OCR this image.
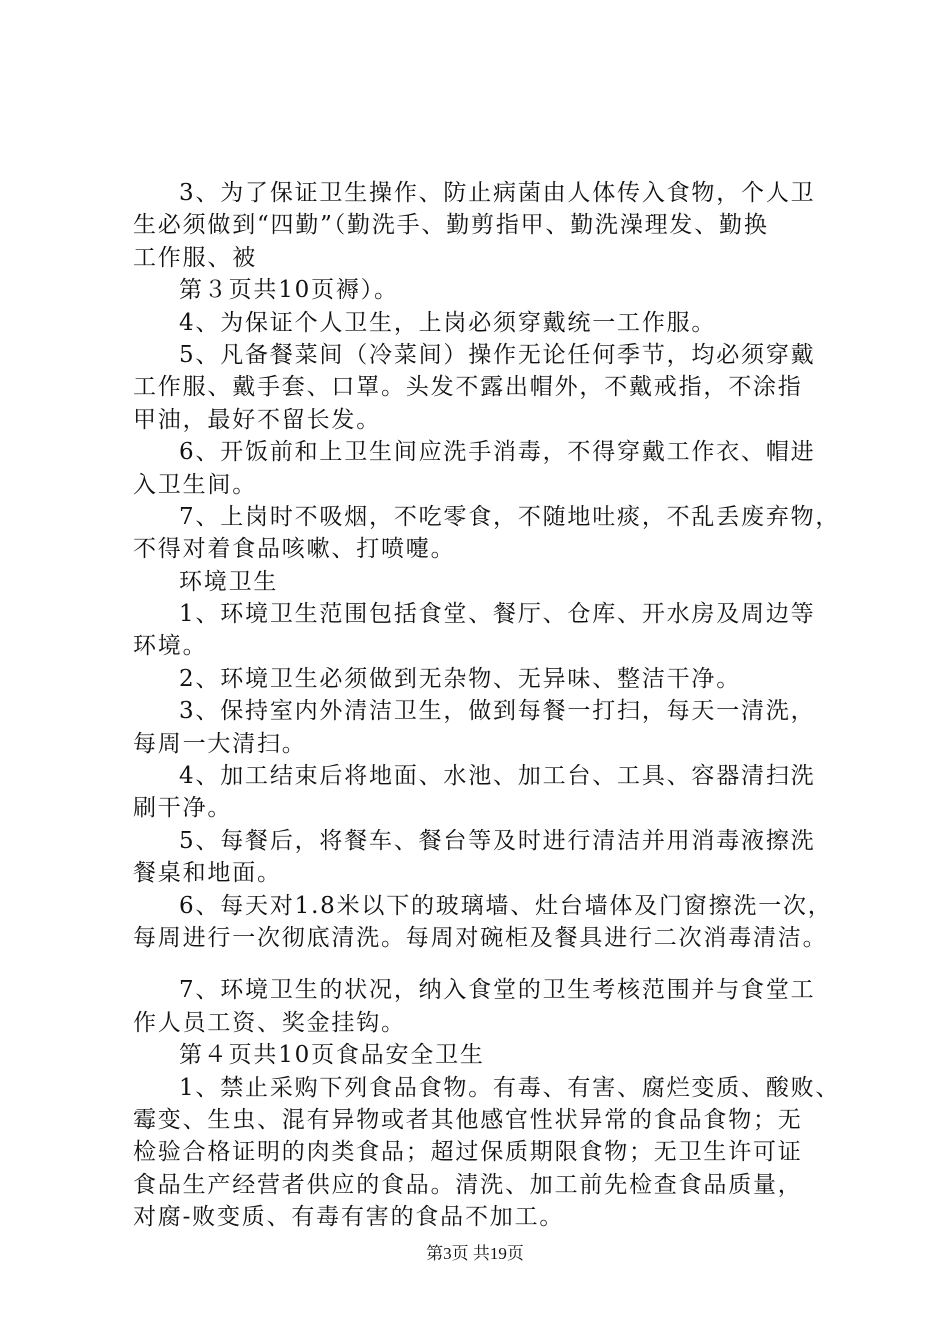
3、为了保证卫生操作、防止病菌由人体传入食物，个人卫
生必须做到“四勤”（勤洗手、勤剪指甲、勤洗澡理发、勤换
工作服、被
第３页共10页褥）。
4、为保证个人卫生，上岗必须穿戴统一工作服。
5、凡备餐菜间（冷菜间）操作无论任何季节，均必须穿戴
工作服、戴手套、口罩。头发不露出帽外，不戴戒指，不涂指
甲油，最好不留长发。
6、开饭前和上卫生间应洗手消毒，不得穿戴工作衣、帽进
入卫生间。
7、上岗时不吸烟，不吃零食，不随地吐痰，不乱丢废弃物，
不得对着食品咳嗽、打喷嚏。
环境卫生
1、环境卫生范围包括食堂、餐厅、仓库、开水房及周边等
环境。
2、环境卫生必须做到无杂物、无异味、整洁干净。
3、保持室内外清洁卫生，做到每餐一打扫，每天一清洗，
每周一大清扫。
4、加工结束后将地面、水池、加工台、工具、容器清扫洗
刷干净。
5、每餐后，将餐车、餐台等及时进行清洁并用消毒液擦洗
餐桌和地面。
6、每天对1.8米以下的玻璃墙、灶台墙体及门窗擦洗一次，
每周进行一次彻底清洗。每周对碗柜及餐具进行二次消毒清洁。
7、环境卫生的状况，纳入食堂的卫生考核范围并与食堂工
作人员工资、奖金挂钩。
第４页共10页食品安全卫生
1、禁止采购下列食品食物。有毒、有害、腐烂变质、酸败、
霉变、生虫、混有异物或者其他感官性状异常的食品食物；无
检验合格证明的肉类食品；超过保质期限食物；无卫生许可证
食品生产经营者供应的食品。清洗、加工前先检查食品质量，
对腐-败变质、有毒有害的食品不加工。
第3页 共19页
